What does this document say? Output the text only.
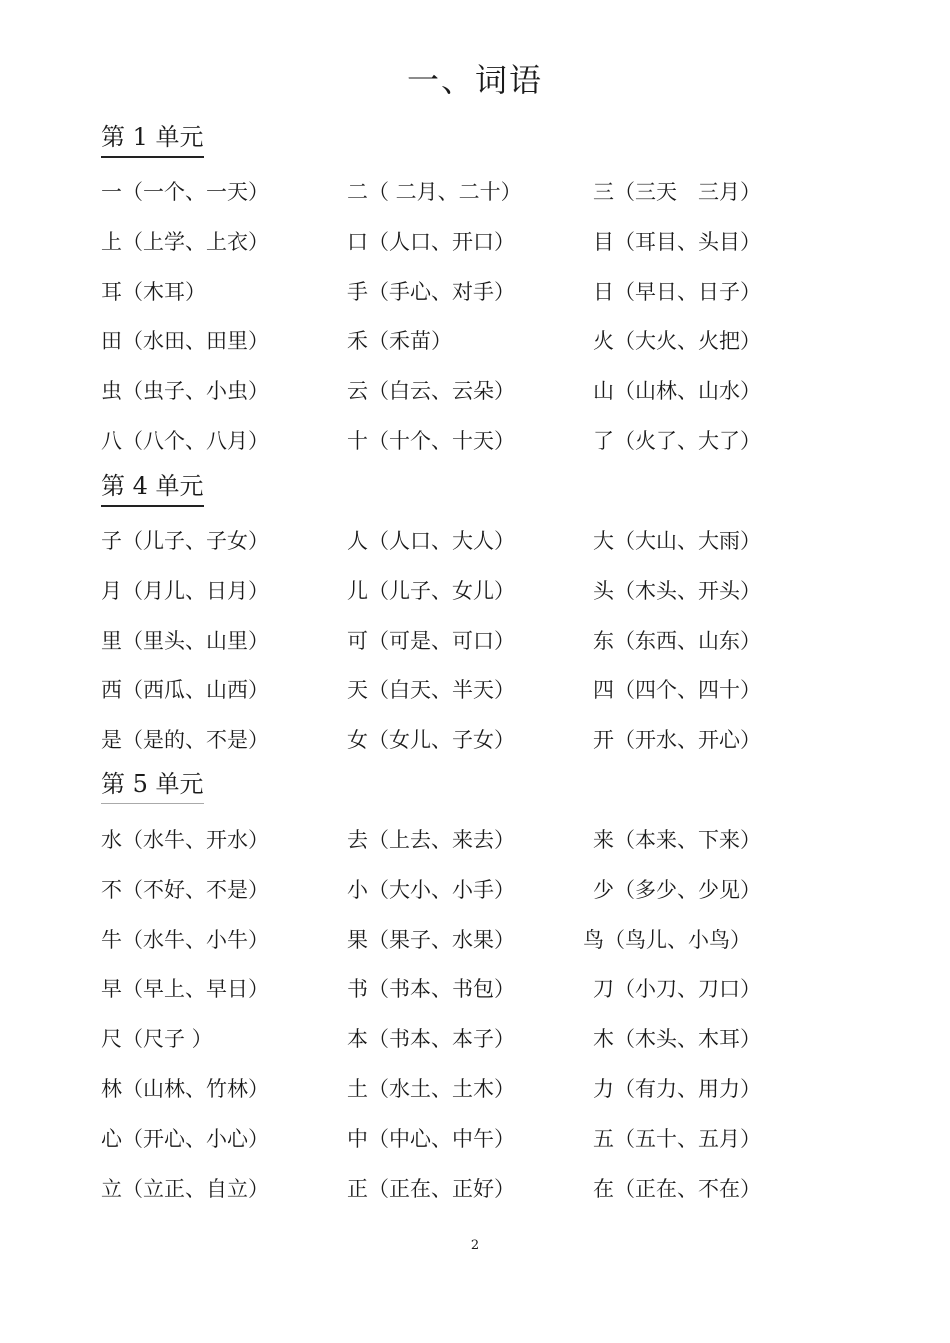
一、词语
第 1 单元
一（一个、一天）	二（ 二月、二十）	三（三天　三月）
上（上学、上衣）	口（人口、开口）	目（耳目、头目）
耳（木耳）	手（手心、对手）	日（早日、日子）
田（水田、田里）	禾（禾苗）	火（大火、火把）
虫（虫子、小虫）	云（白云、云朵）	山（山林、山水）
八（八个、八月）	十（十个、十天）	了（火了、大了）
第 4 单元
子（儿子、子女）	人（人口、大人）	大（大山、大雨）
月（月儿、日月）	儿（儿子、女儿）	头（木头、开头）
里（里头、山里）	可（可是、可口）	东（东西、山东）
西（西瓜、山西）	天（白天、半天）	四（四个、四十）
是（是的、不是）	女（女儿、子女）	开（开水、开心）
第 5 单元
水（水牛、开水）	去（上去、来去）	来（本来、下来）
不（不好、不是）	小（大小、小手）	少（多少、少见）
牛（水牛、小牛）	果（果子、水果）	鸟（鸟儿、小鸟）
早（早上、早日）	书（书本、书包）	刀（小刀、刀口）
尺（尺子 ）	本（书本、本子）	木（木头、木耳）
林（山林、竹林）	土（水土、土木）	力（有力、用力）
心（开心、小心）	中（中心、中午）	五（五十、五月）
立（立正、自立）	正（正在、正好）	在（正在、不在）
2
